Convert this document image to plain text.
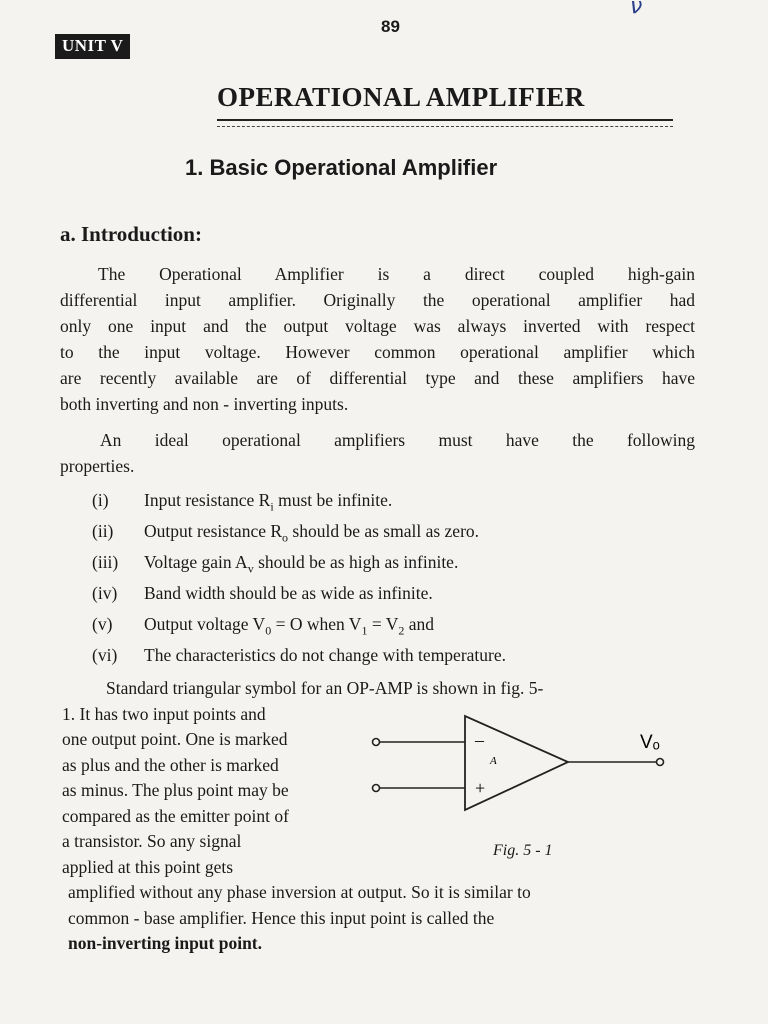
89
ν
UNIT V
OPERATIONAL AMPLIFIER
1. Basic Operational Amplifier
a. Introduction:
The Operational Amplifier is a direct coupled high-gain
differential input amplifier. Originally the operational amplifier had
only one input and the output voltage was always inverted with respect
to the input voltage. However common operational amplifier which
are recently available are of differential type and these amplifiers have
both inverting and non - inverting inputs.
An ideal operational amplifiers must have the following
properties.
(i) Input resistance $R_i$ must be infinite.
(ii) Output resistance $R_o$ should be as small as zero.
(iii) Voltage gain $A_v$ should be as high as infinite.
(iv) Band width should be as wide as infinite.
(v) Output voltage $V_0 = O$ when $V_1 = V_2$ and
(vi) The characteristics do not change with temperature.
Standard triangular symbol for an OP-AMP is shown in fig. 5-
1. It has two input points and
one output point. One is marked
as plus and the other is marked
as minus. The plus point may be
compared as the emitter point of
a transistor. So any signal
applied at this point gets
amplified without any phase inversion at output. So it is similar to
common - base amplifier. Hence this input point is called the
non-inverting input point.
–
+
A
Vₒ
Fig. 5 - 1
